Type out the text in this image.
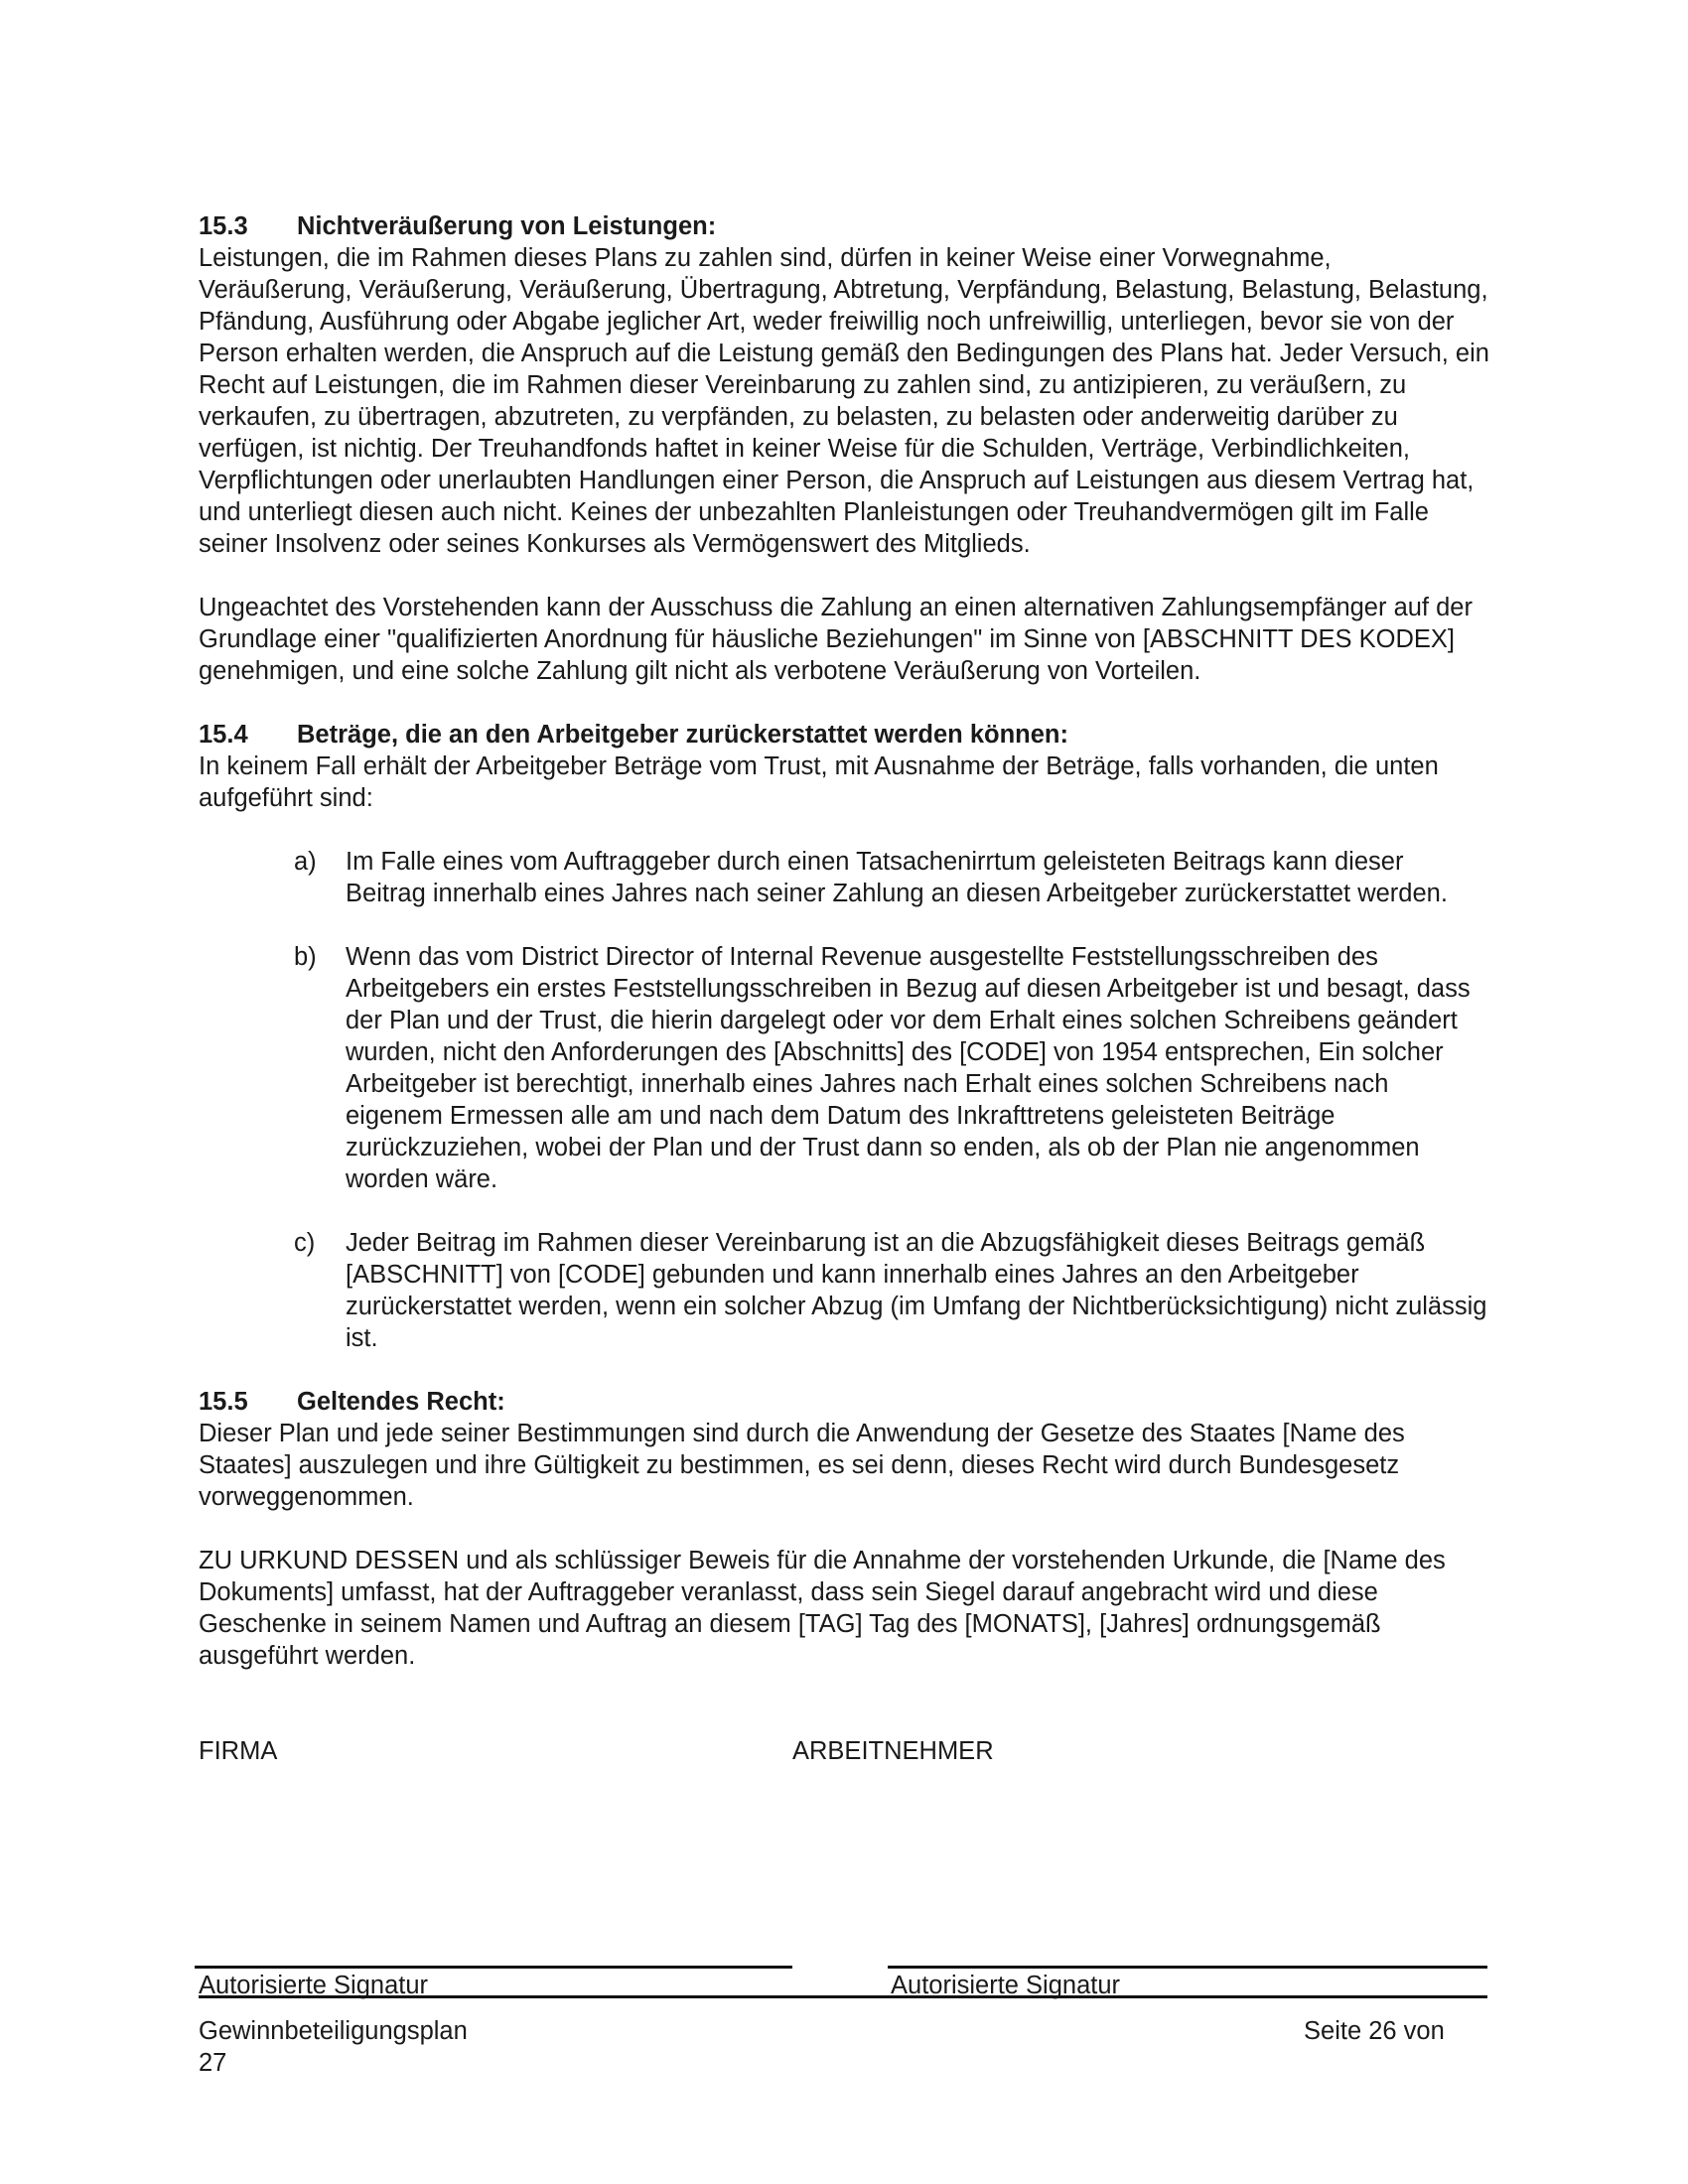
15.3	Nichtveräußerung von Leistungen:

Leistungen, die im Rahmen dieses Plans zu zahlen sind, dürfen in keiner Weise einer Vorwegnahme, Veräußerung, Veräußerung, Veräußerung, Übertragung, Abtretung, Verpfändung, Belastung, Belastung, Belastung, Pfändung, Ausführung oder Abgabe jeglicher Art, weder freiwillig noch unfreiwillig, unterliegen, bevor sie von der Person erhalten werden, die Anspruch auf die Leistung gemäß den Bedingungen des Plans hat. Jeder Versuch, ein Recht auf Leistungen, die im Rahmen dieser Vereinbarung zu zahlen sind, zu antizipieren, zu veräußern, zu verkaufen, zu übertragen, abzutreten, zu verpfänden, zu belasten, zu belasten oder anderweitig darüber zu verfügen, ist nichtig. Der Treuhandfonds haftet in keiner Weise für die Schulden, Verträge, Verbindlichkeiten, Verpflichtungen oder unerlaubten Handlungen einer Person, die Anspruch auf Leistungen aus diesem Vertrag hat, und unterliegt diesen auch nicht. Keines der unbezahlten Planleistungen oder Treuhandvermögen gilt im Falle seiner Insolvenz oder seines Konkurses als Vermögenswert des Mitglieds.

Ungeachtet des Vorstehenden kann der Ausschuss die Zahlung an einen alternativen Zahlungsempfänger auf der Grundlage einer "qualifizierten Anordnung für häusliche Beziehungen" im Sinne von [ABSCHNITT DES KODEX] genehmigen, und eine solche Zahlung gilt nicht als verbotene Veräußerung von Vorteilen.

15.4	Beträge, die an den Arbeitgeber zurückerstattet werden können:

In keinem Fall erhält der Arbeitgeber Beträge vom Trust, mit Ausnahme der Beträge, falls vorhanden, die unten aufgeführt sind:

a)	Im Falle eines vom Auftraggeber durch einen Tatsachenirrtum geleisteten Beitrags kann dieser Beitrag innerhalb eines Jahres nach seiner Zahlung an diesen Arbeitgeber zurückerstattet werden.
b)	Wenn das vom District Director of Internal Revenue ausgestellte Feststellungsschreiben des Arbeitgebers ein erstes Feststellungsschreiben in Bezug auf diesen Arbeitgeber ist und besagt, dass der Plan und der Trust, die hierin dargelegt oder vor dem Erhalt eines solchen Schreibens geändert wurden, nicht den Anforderungen des [Abschnitts] des [CODE] von 1954 entsprechen, Ein solcher Arbeitgeber ist berechtigt, innerhalb eines Jahres nach Erhalt eines solchen Schreibens nach eigenem Ermessen alle am und nach dem Datum des Inkrafttretens geleisteten Beiträge zurückzuziehen, wobei der Plan und der Trust dann so enden, als ob der Plan nie angenommen worden wäre.
c)	Jeder Beitrag im Rahmen dieser Vereinbarung ist an die Abzugsfähigkeit dieses Beitrags gemäß [ABSCHNITT] von [CODE] gebunden und kann innerhalb eines Jahres an den Arbeitgeber zurückerstattet werden, wenn ein solcher Abzug (im Umfang der Nichtberücksichtigung) nicht zulässig ist.
15.5	Geltendes Recht:

Dieser Plan und jede seiner Bestimmungen sind durch die Anwendung der Gesetze des Staates [Name des Staates] auszulegen und ihre Gültigkeit zu bestimmen, es sei denn, dieses Recht wird durch Bundesgesetz vorweggenommen.

ZU URKUND DESSEN und als schlüssiger Beweis für die Annahme der vorstehenden Urkunde, die [Name des Dokuments] umfasst, hat der Auftraggeber veranlasst, dass sein Siegel darauf angebracht wird und diese Geschenke in seinem Namen und Auftrag an diesem [TAG] Tag des [MONATS], [Jahres] ordnungsgemäß ausgeführt werden.

FIRMA	ARBEITNEHMER
Autorisierte Signatur	Autorisierte Signatur
Gewinnbeteiligungsplan	Seite 26 von
27
